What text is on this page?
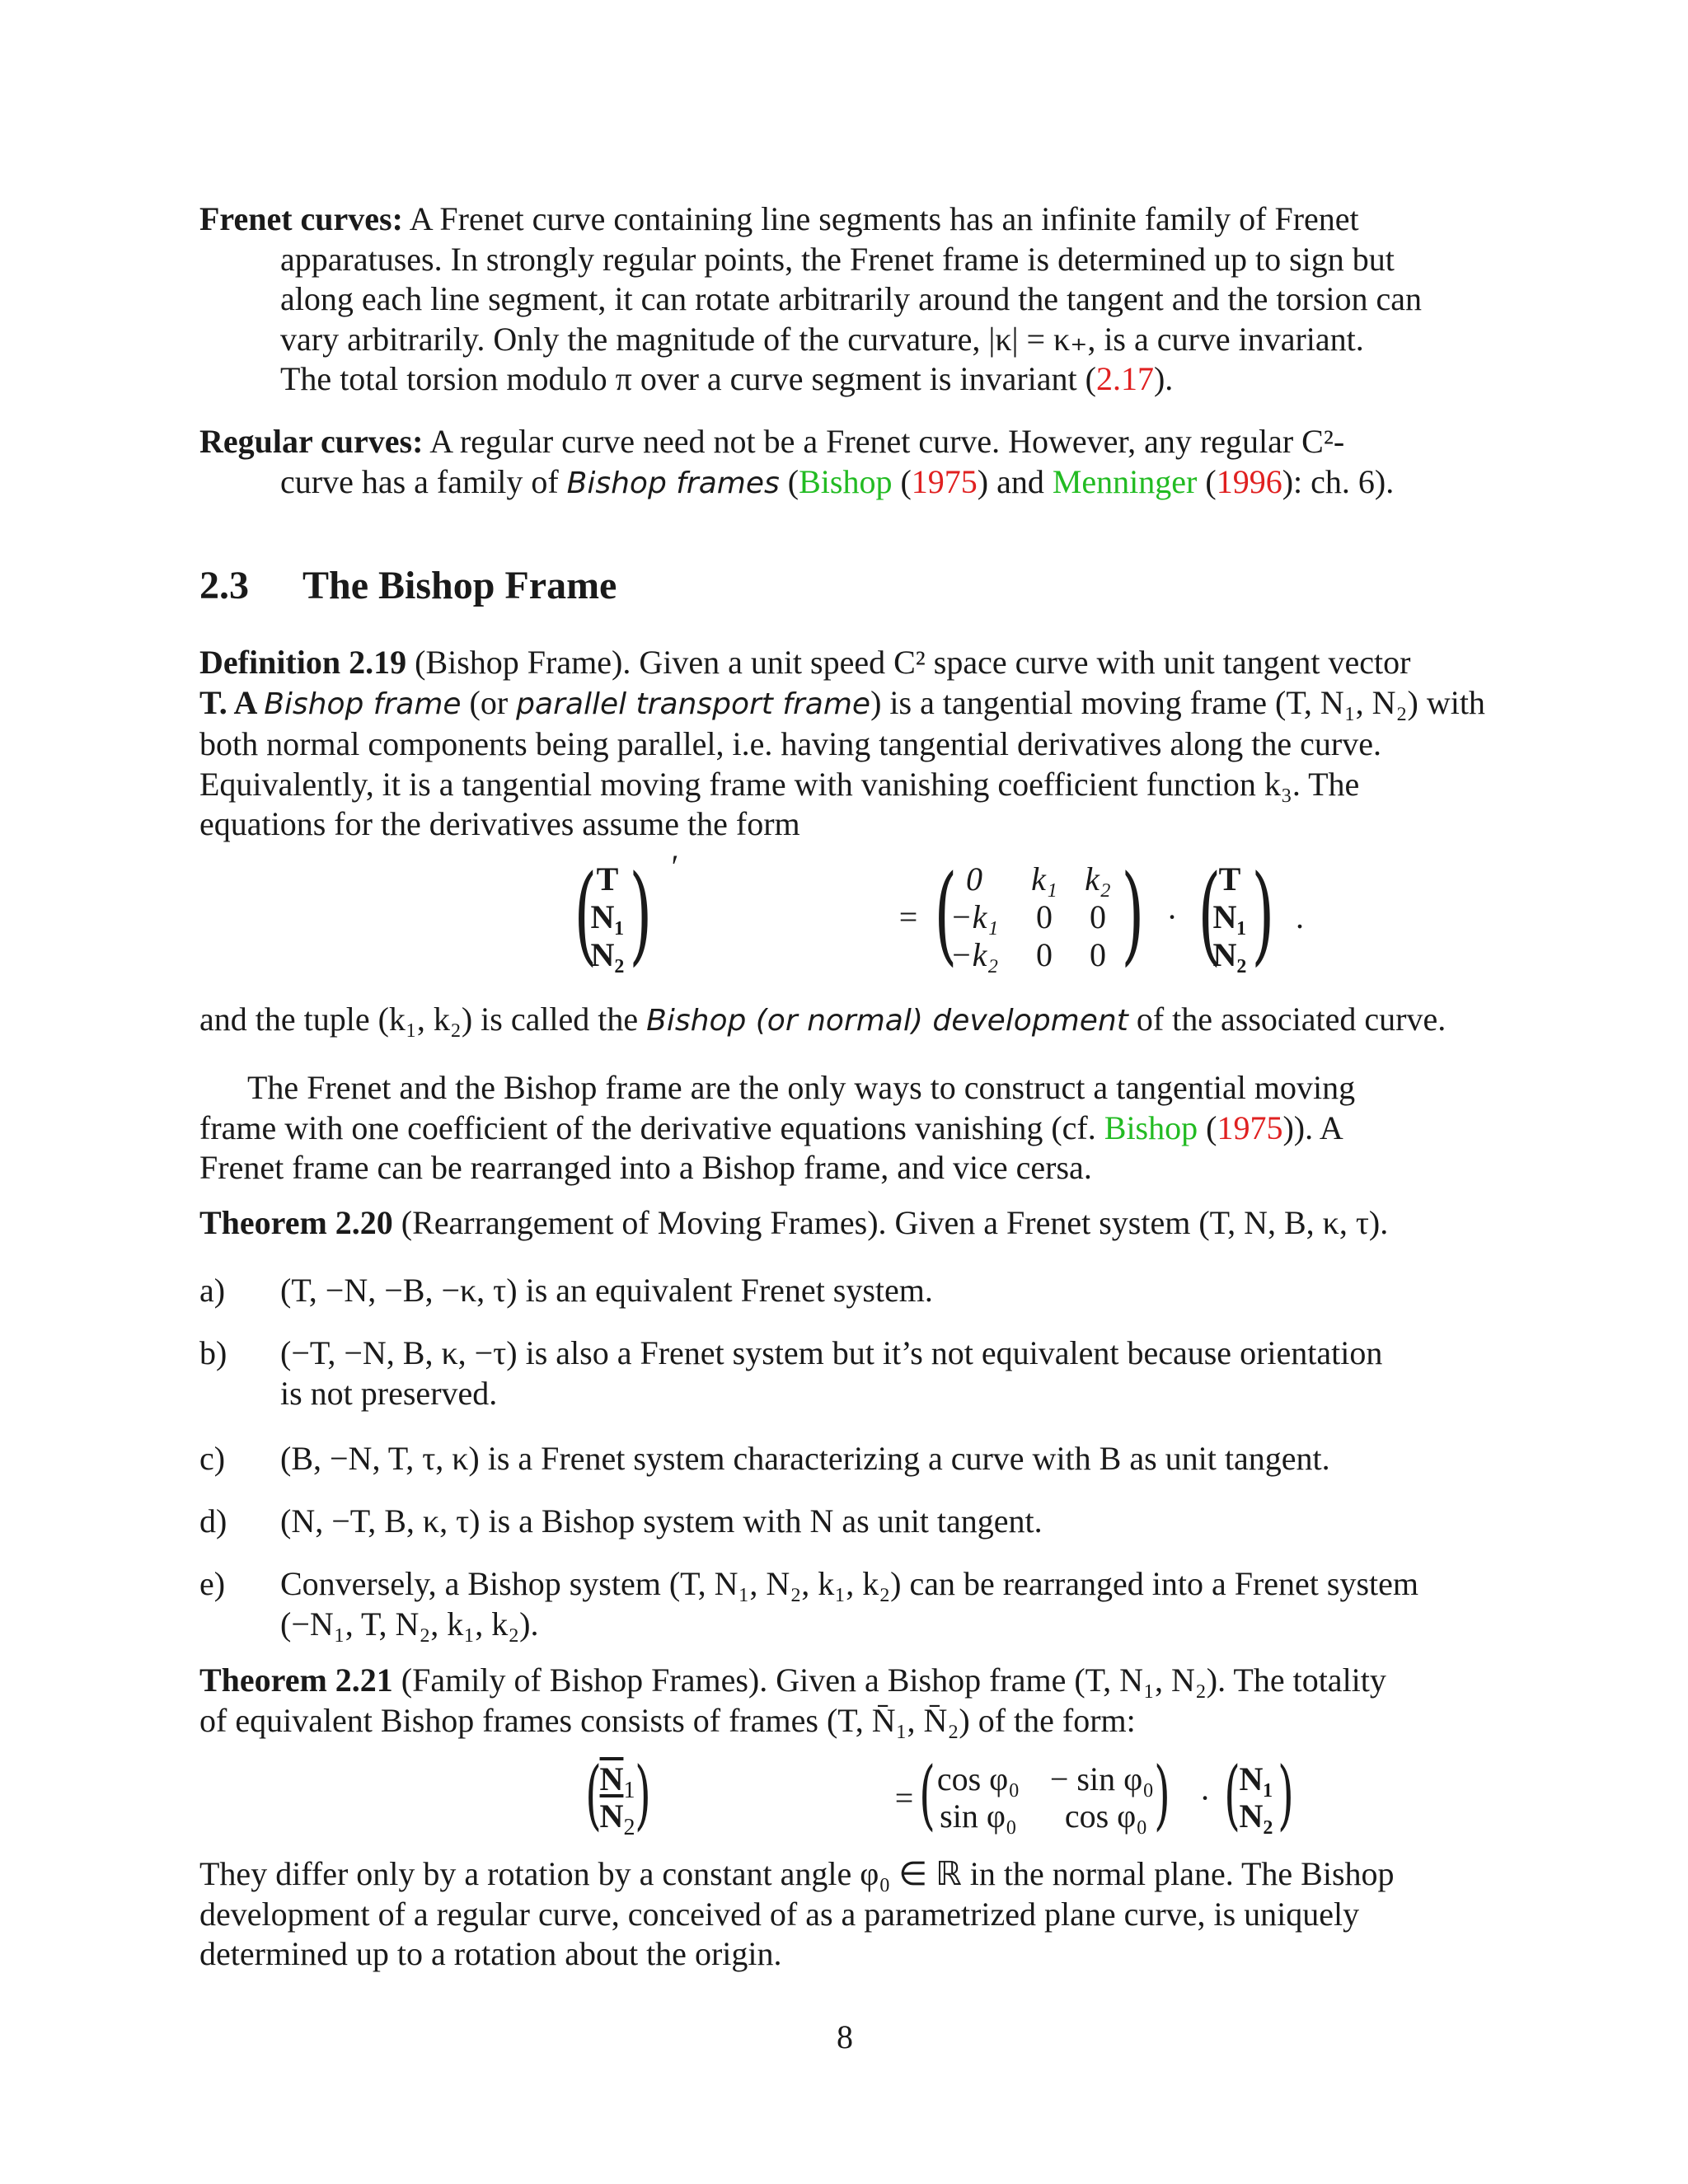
Frenet curves: A Frenet curve containing line segments has an infinite family of Frenet
apparatuses. In strongly regular points, the Frenet frame is determined up to sign but
along each line segment, it can rotate arbitrarily around the tangent and the torsion can
vary arbitrarily. Only the magnitude of the curvature, |κ| = κ₊, is a curve invariant.
The total torsion modulo π over a curve segment is invariant (2.17).
Regular curves: A regular curve need not be a Frenet curve. However, any regular C²-
curve has a family of Bishop frames (Bishop (1975) and Menninger (1996): ch. 6).
2.3 The Bishop Frame
Definition 2.19 (Bishop Frame). Given a unit speed C² space curve with unit tangent vector
T. A Bishop frame (or parallel transport frame) is a tangential moving frame (T, N₁, N₂) with
both normal components being parallel, i.e. having tangential derivatives along the curve.
Equivalently, it is a tangential moving frame with vanishing coefficient function k₃. The
equations for the derivatives assume the form
( T
N₁
N₂ ) ′
= ( 0	k₁ k₂
−k₁	0	0
−k₂	0	0 ) · (
T
N₁
N₂ ) .
and the tuple (k₁, k₂) is called the Bishop (or normal) development of the associated curve.
The Frenet and the Bishop frame are the only ways to construct a tangential moving
frame with one coefficient of the derivative equations vanishing (cf. Bishop (1975)). A
Frenet frame can be rearranged into a Bishop frame, and vice cersa.
Theorem 2.20 (Rearrangement of Moving Frames). Given a Frenet system (T, N, B, κ, τ).
a) (T, −N, −B, −κ, τ) is an equivalent Frenet system.
b) (−T, −N, B, κ, −τ) is also a Frenet system but it’s not equivalent because orientation
is not preserved.
c) (B, −N, T, τ, κ) is a Frenet system characterizing a curve with B as unit tangent.
d) (N, −T, B, κ, τ) is a Bishop system with N as unit tangent.
e) Conversely, a Bishop system (T, N₁, N₂, k₁, k₂) can be rearranged into a Frenet system
(−N₁, T, N₂, k₁, k₂).
Theorem 2.21 (Family of Bishop Frames). Given a Bishop frame (T, N₁, N₂). The totality
of equivalent Bishop frames consists of frames (T, N̄₁, N̄₂) of the form:
(
$\overline{N}_1$
$\overline{N}_2$ )	= ( cos φ₀ − sin φ₀
sin φ₀	cos φ₀ ) · (
N₁
N₂ )
They differ only by a rotation by a constant angle φ₀ ∈ ℝ in the normal plane. The Bishop
development of a regular curve, conceived of as a parametrized plane curve, is uniquely
determined up to a rotation about the origin.
8
